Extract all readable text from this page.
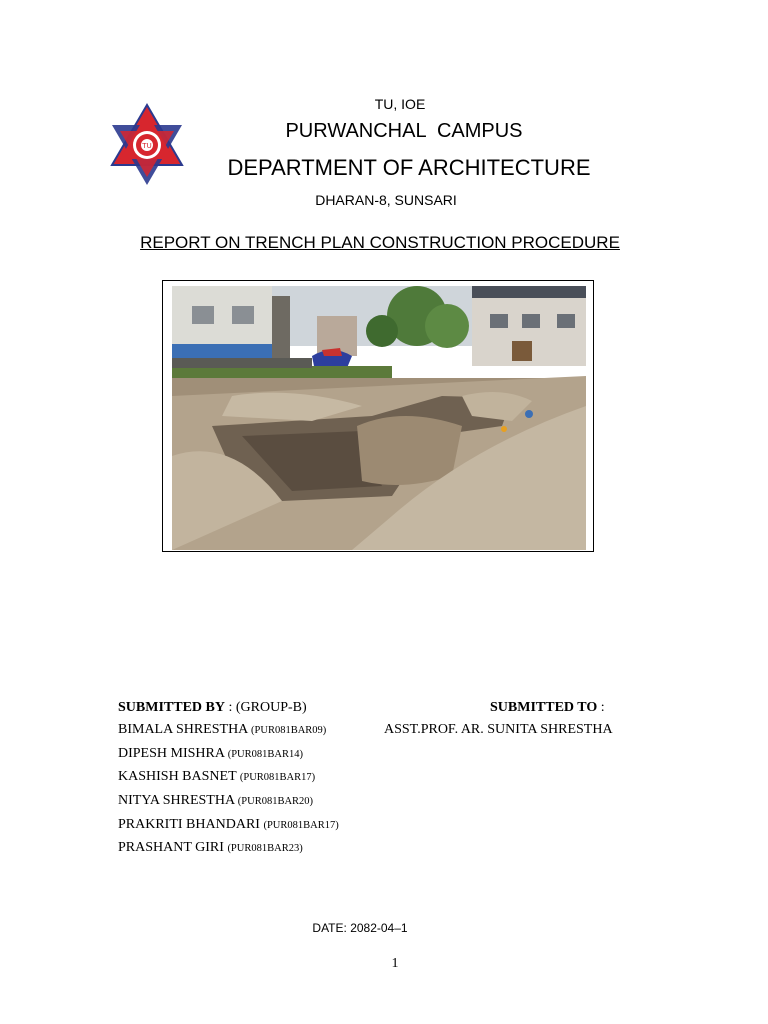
TU
TU, IOE
PURWANCHAL  CAMPUS
DEPARTMENT OF ARCHITECTURE
DHARAN-8, SUNSARI
REPORT ON TRENCH PLAN CONSTRUCTION PROCEDURE
SUBMITTED BY : (GROUP-B)
BIMALA SHRESTHA (PUR081BAR09)
DIPESH MISHRA (PUR081BAR14)
KASHISH BASNET (PUR081BAR17)
NITYA SHRESTHA (PUR081BAR20)
PRAKRITI BHANDARI (PUR081BAR17)
PRASHANT GIRI (PUR081BAR23)
SUBMITTED TO :
ASST.PROF. AR. SUNITA SHRESTHA
DATE: 2082-04–1
1
